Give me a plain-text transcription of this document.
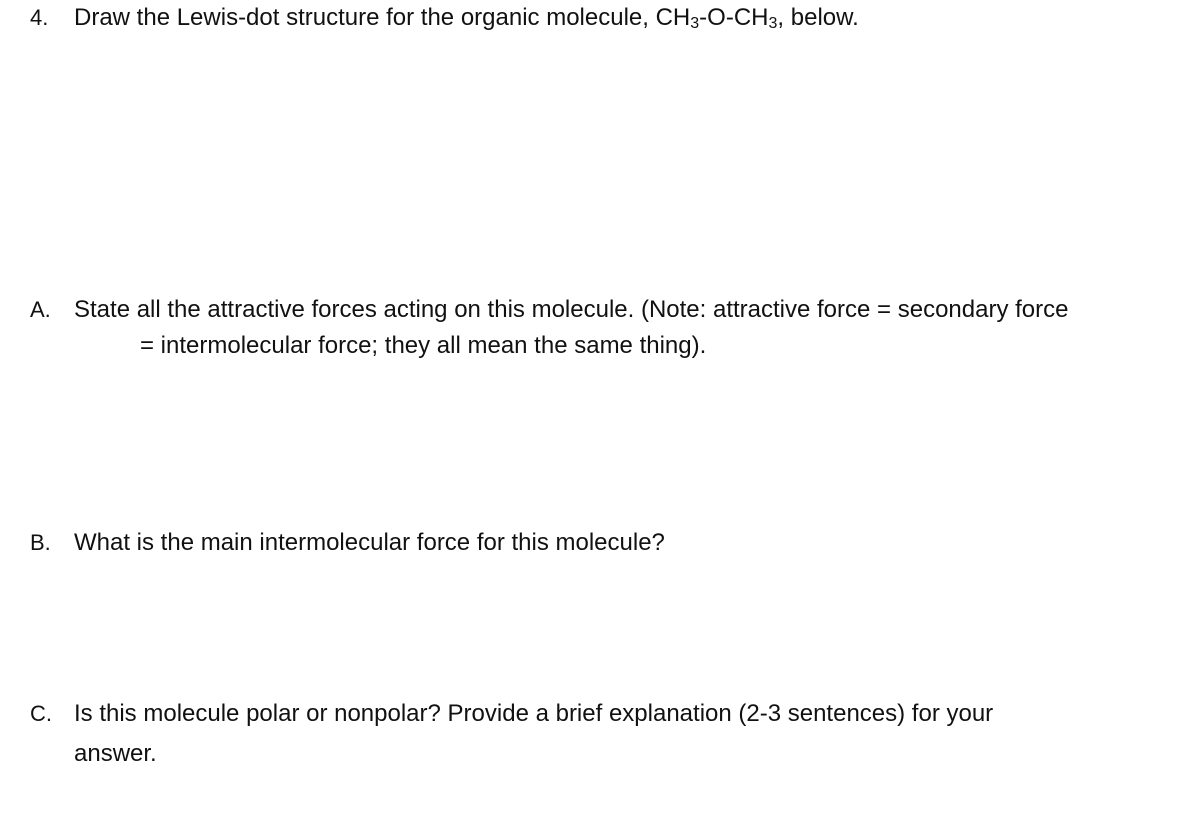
4. Draw the Lewis-dot structure for the organic molecule, $CH_3-O-CH_3$, below.
A. State all the attractive forces acting on this molecule. (Note: attractive force = secondary force
= intermolecular force; they all mean the same thing).
B. What is the main intermolecular force for this molecule?
C. Is this molecule polar or nonpolar? Provide a brief explanation (2-3 sentences) for your
answer.
